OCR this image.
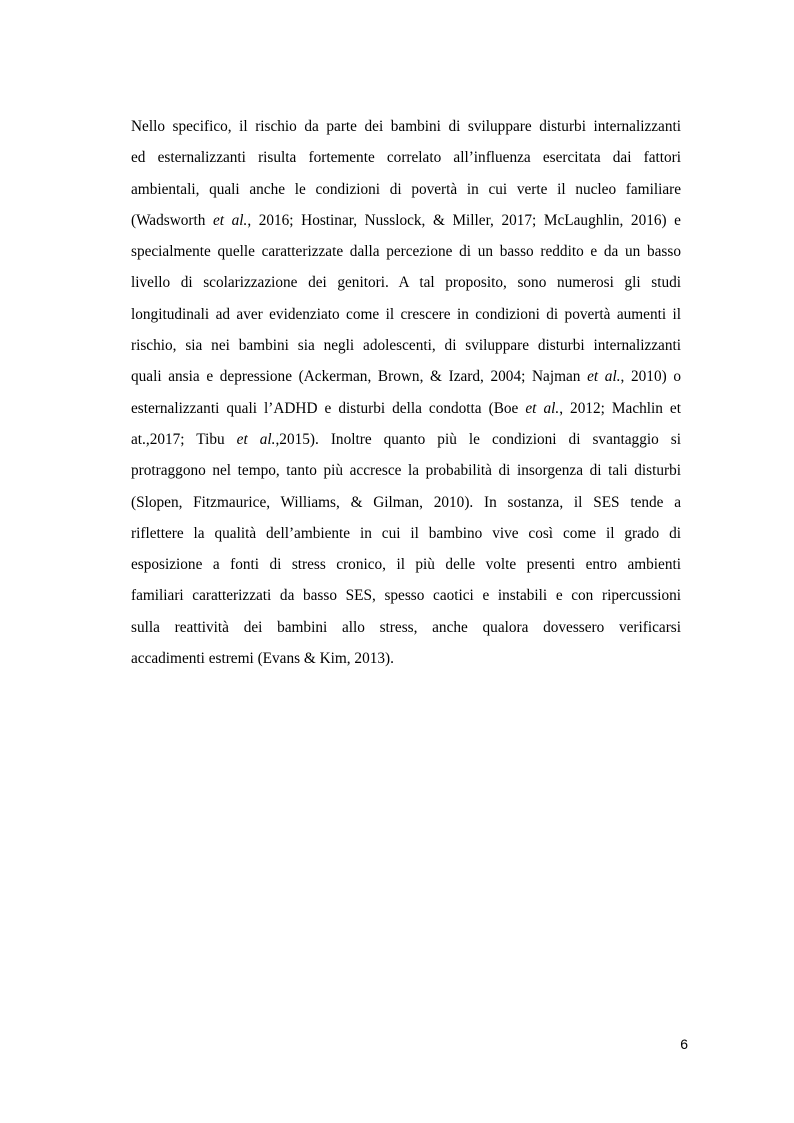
Nello specifico, il rischio da parte dei bambini di sviluppare disturbi internalizzanti
ed esternalizzanti risulta fortemente correlato all’influenza esercitata dai fattori
ambientali, quali anche le condizioni di povertà in cui verte il nucleo familiare
(Wadsworth et al., 2016; Hostinar, Nusslock, & Miller, 2017; McLaughlin, 2016) e
specialmente quelle caratterizzate dalla percezione di un basso reddito e da un basso
livello di scolarizzazione dei genitori. A tal proposito, sono numerosi gli studi
longitudinali ad aver evidenziato come il crescere in condizioni di povertà aumenti il
rischio, sia nei bambini sia negli adolescenti, di sviluppare disturbi internalizzanti
quali ansia e depressione (Ackerman, Brown, & Izard, 2004; Najman et al., 2010) o
esternalizzanti quali l’ADHD e disturbi della condotta (Boe et al., 2012; Machlin et
at.,2017; Tibu et al.,2015). Inoltre quanto più le condizioni di svantaggio si
protraggono nel tempo, tanto più accresce la probabilità di insorgenza di tali disturbi
(Slopen, Fitzmaurice, Williams, & Gilman, 2010). In sostanza, il SES tende a
riflettere la qualità dell’ambiente in cui il bambino vive così come il grado di
esposizione a fonti di stress cronico, il più delle volte presenti entro ambienti
familiari caratterizzati da basso SES, spesso caotici e instabili e con ripercussioni
sulla reattività dei bambini allo stress, anche qualora dovessero verificarsi
accadimenti estremi (Evans & Kim, 2013).
6
